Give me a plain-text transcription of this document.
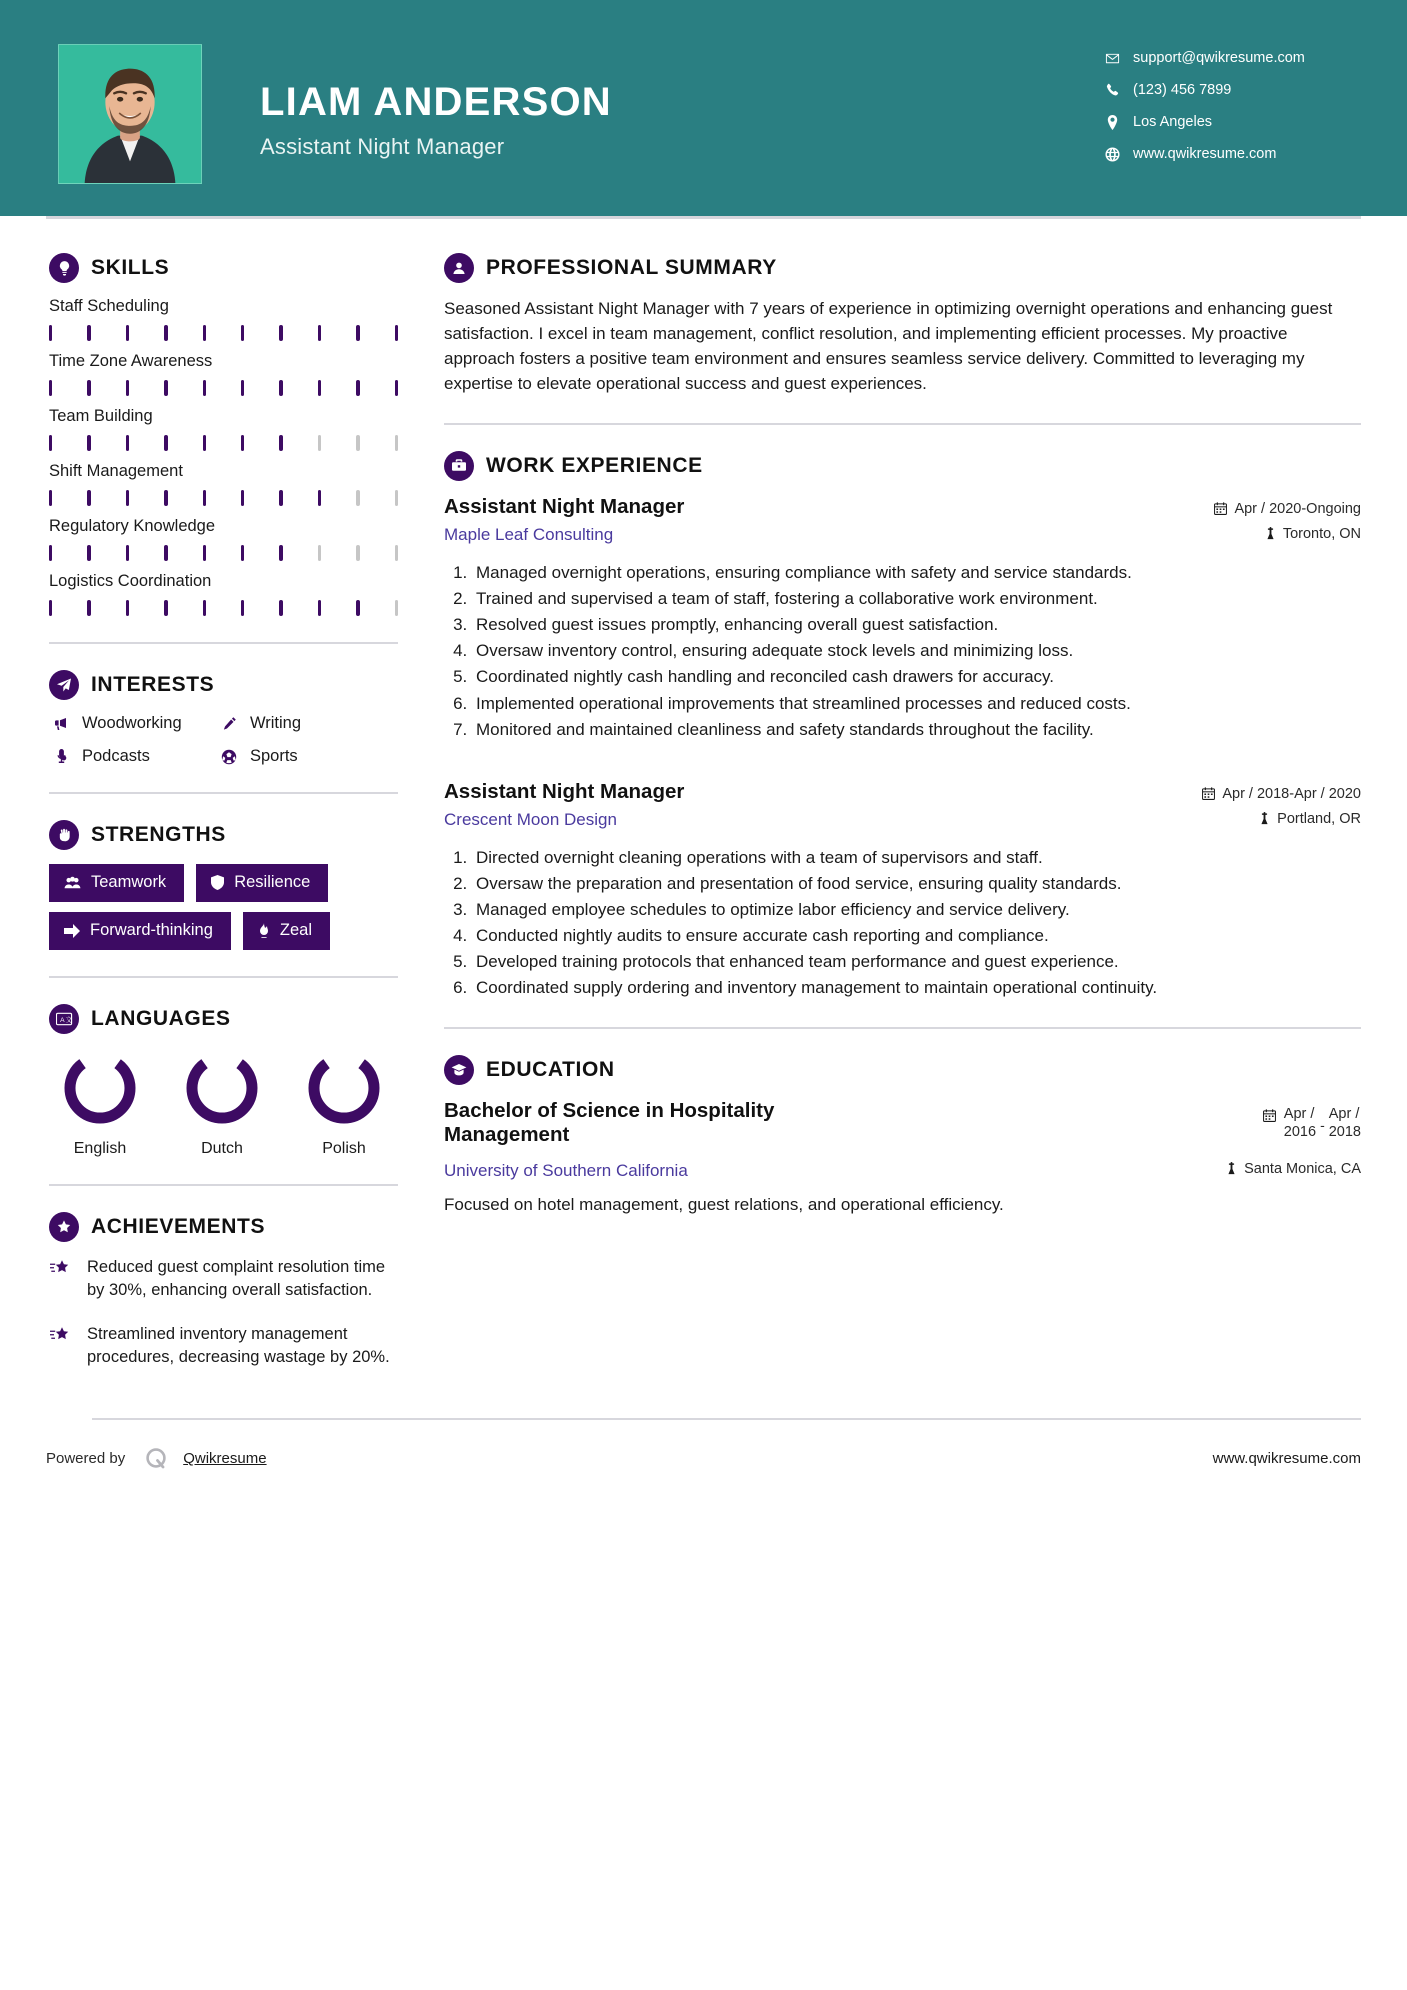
LIAM ANDERSON
Assistant Night Manager
support@qwikresume.com
(123) 456 7899
Los Angeles
www.qwikresume.com
SKILLS
Staff Scheduling
Time Zone Awareness
Team Building
Shift Management
Regulatory Knowledge
Logistics Coordination
INTERESTS
Woodworking	Writing
Podcasts	Sports
STRENGTHS
Teamwork	Resilience
Forward-thinking	Zeal
A 文 LANGUAGES
English	Dutch	Polish
ACHIEVEMENTS
Reduced guest complaint resolution time by 30%, enhancing overall satisfaction.
Streamlined inventory management procedures, decreasing wastage by 20%.
PROFESSIONAL SUMMARY

Seasoned Assistant Night Manager with 7 years of experience in optimizing overnight operations and enhancing guest satisfaction. I excel in team management, conflict resolution, and implementing efficient processes. My proactive approach fosters a positive team environment and ensures seamless service delivery. Committed to leveraging my expertise to elevate operational success and guest experiences.

WORK EXPERIENCE
Assistant Night Manager
Maple Leaf Consulting
Apr / 2020-Ongoing
Toronto, ON
1. Managed overnight operations, ensuring compliance with safety and service standards.
2. Trained and supervised a team of staff, fostering a collaborative work environment.
3. Resolved guest issues promptly, enhancing overall guest satisfaction.
4. Oversaw inventory control, ensuring adequate stock levels and minimizing loss.
5. Coordinated nightly cash handling and reconciled cash drawers for accuracy.
6. Implemented operational improvements that streamlined processes and reduced costs.
7. Monitored and maintained cleanliness and safety standards throughout the facility.
Assistant Night Manager
Crescent Moon Design
Apr / 2018-Apr / 2020
Portland, OR
1. Directed overnight cleaning operations with a team of supervisors and staff.
2. Oversaw the preparation and presentation of food service, ensuring quality standards.
3. Managed employee schedules to optimize labor efficiency and service delivery.
4. Conducted nightly audits to ensure accurate cash reporting and compliance.
5. Developed training protocols that enhanced team performance and guest experience.
6. Coordinated supply ordering and inventory management to maintain operational continuity.
EDUCATION
Bachelor of Science in Hospitality Management
Apr /
2016 -
Apr /
2018
University of Southern California	Santa Monica, CA
Focused on hotel management, guest relations, and operational efficiency.
Powered by	Qwikresume	www.qwikresume.com
